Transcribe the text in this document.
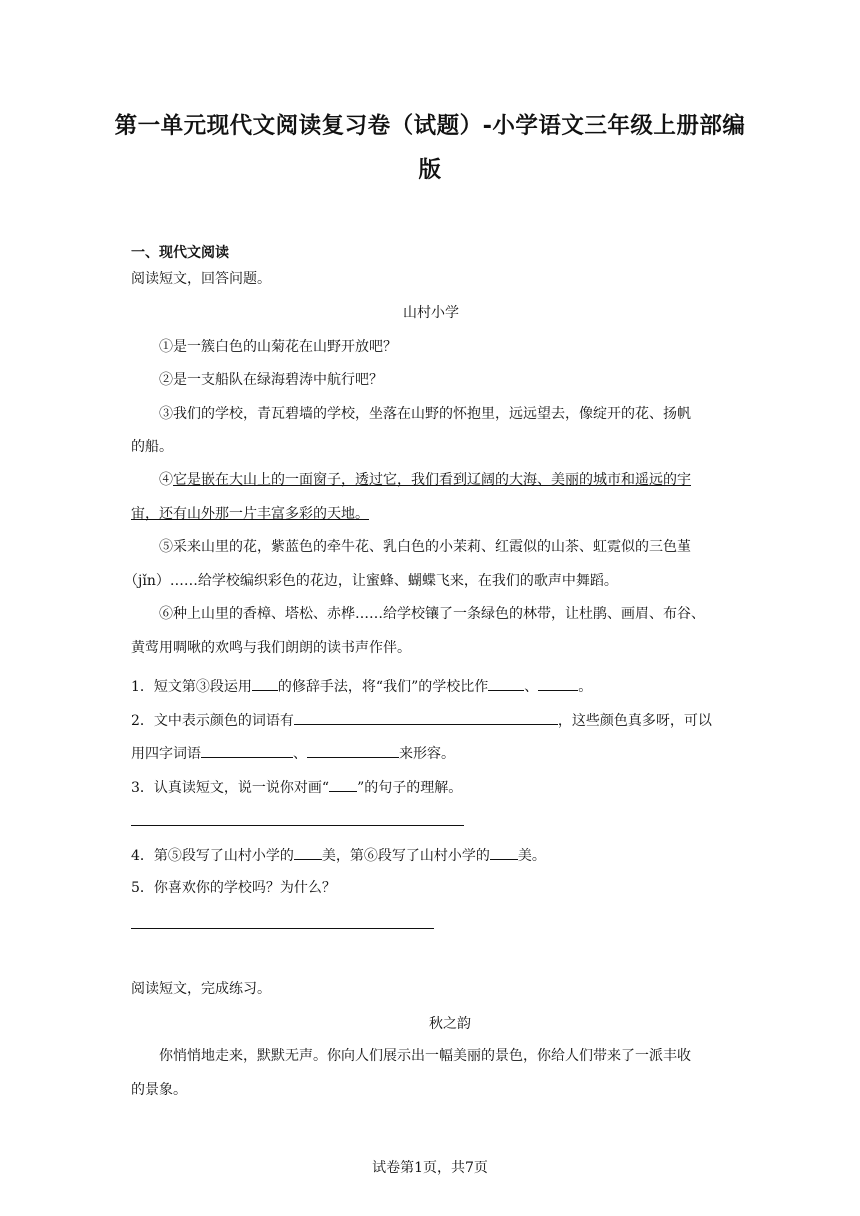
第一单元现代文阅读复习卷（试题）-小学语文三年级上册部编
版
一、现代文阅读
阅读短文，回答问题。
山村小学
①是一簇白色的山菊花在山野开放吧？
②是一支船队在绿海碧涛中航行吧？
③我们的学校，青瓦碧墙的学校，坐落在山野的怀抱里，远远望去，像绽开的花、扬帆
的船。
④它是嵌在大山上的一面窗子，透过它，我们看到辽阔的大海、美丽的城市和遥远的宇
宙，还有山外那一片丰富多彩的天地。
⑤采来山里的花，紫蓝色的牵牛花、乳白色的小茉莉、红霞似的山茶、虹霓似的三色堇
（jǐn）……给学校编织彩色的花边，让蜜蜂、蝴蝶飞来，在我们的歌声中舞蹈。
⑥种上山里的香樟、塔松、赤桦……给学校镶了一条绿色的林带，让杜鹃、画眉、布谷、
黄莺用啁啾的欢鸣与我们朗朗的读书声作伴。
1．短文第③段运用 的修辞手法，将“我们”的学校比作	、	。
2．文中表示颜色的词语有	，这些颜色真多呀，可以
用四字词语	、	来形容。
3．认真读短文，说一说你对画“ ”的句子的理解。
4．第⑤段写了山村小学的 美，第⑥段写了山村小学的 美。
5．你喜欢你的学校吗？为什么？
阅读短文，完成练习。
秋之韵
你悄悄地走来，默默无声。你向人们展示出一幅美丽的景色，你给人们带来了一派丰收
的景象。
试卷第1页，共7页
